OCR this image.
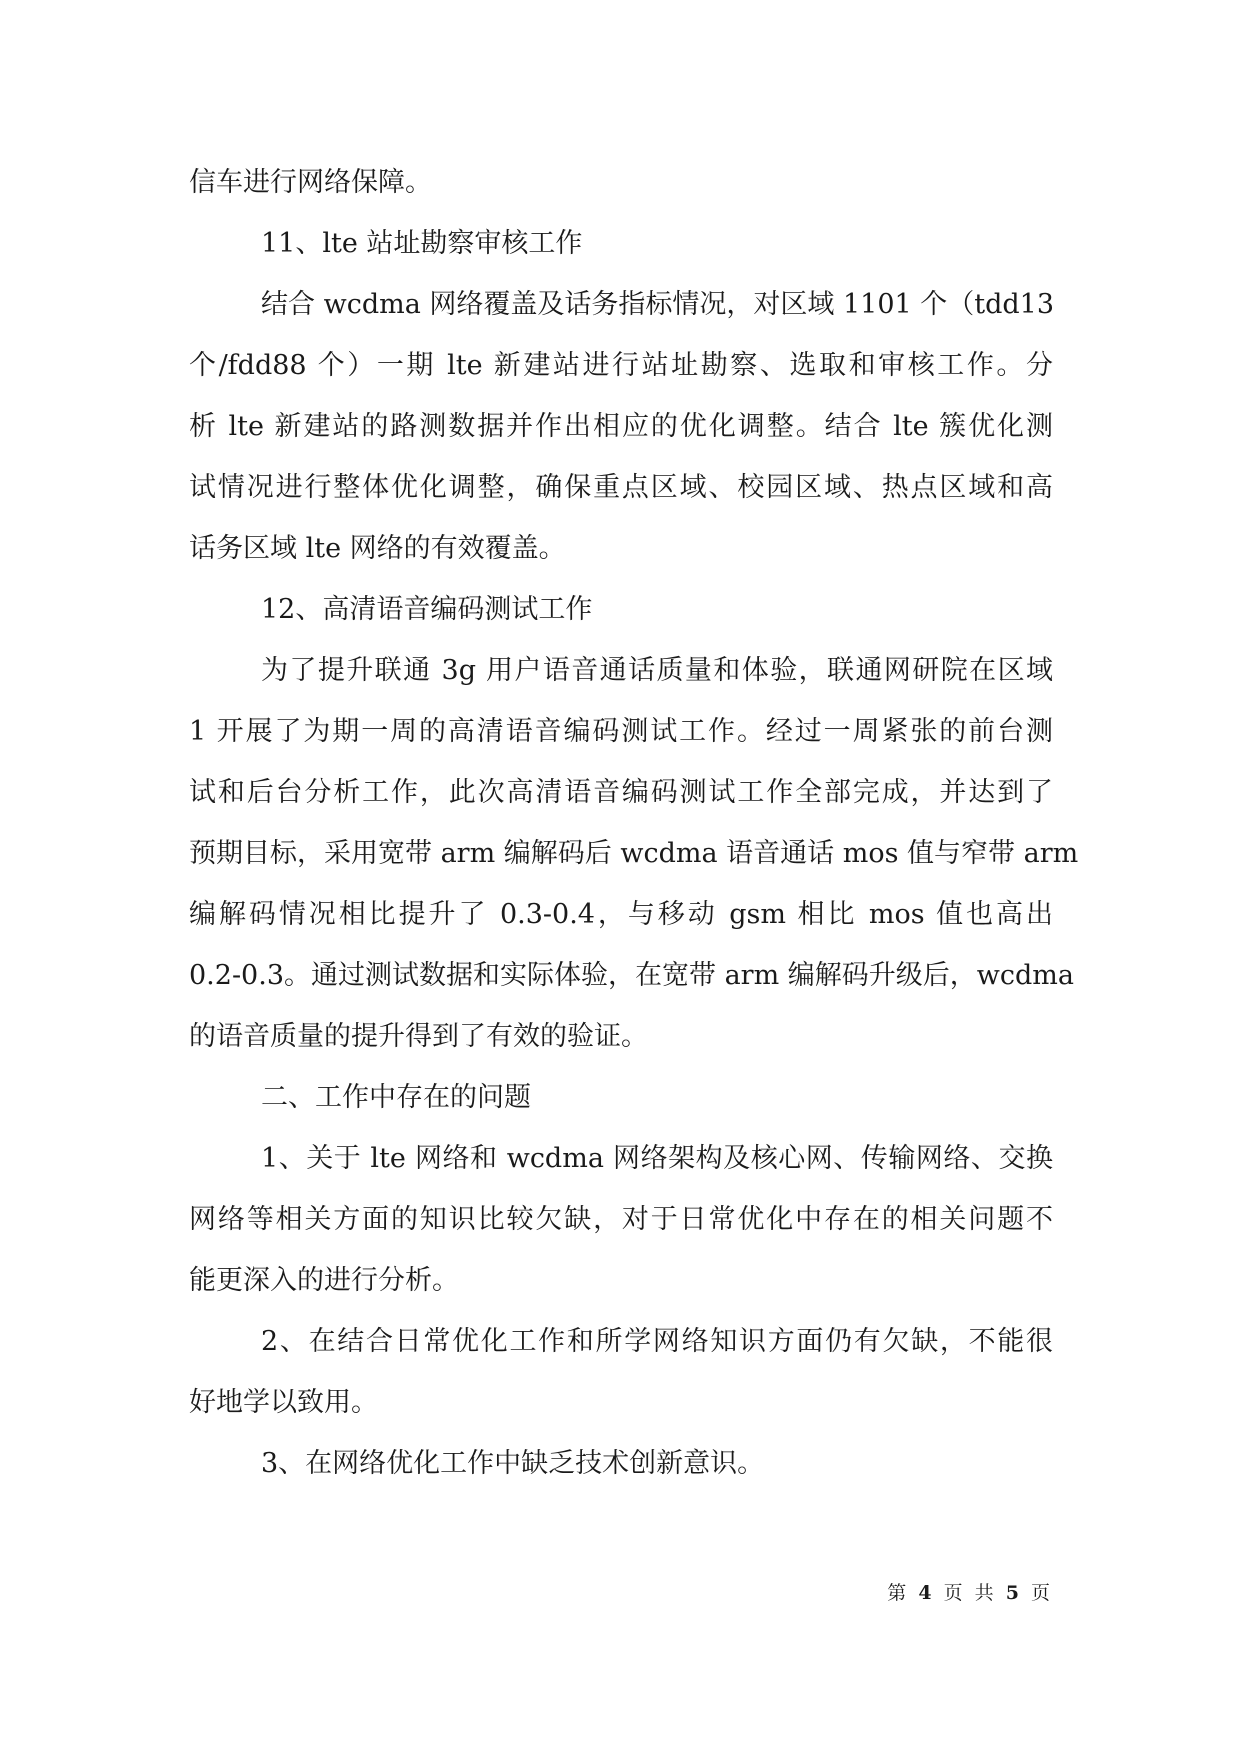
信车进行网络保障。
11、lte 站址勘察审核工作
结合 wcdma 网络覆盖及话务指标情况，对区域 1101 个（tdd13
个/fdd88 个）一期 lte 新建站进行站址勘察、选取和审核工作。分
析 lte 新建站的路测数据并作出相应的优化调整。结合 lte 簇优化测
试情况进行整体优化调整，确保重点区域、校园区域、热点区域和高
话务区域 lte 网络的有效覆盖。
12、高清语音编码测试工作
为了提升联通 3g 用户语音通话质量和体验，联通网研院在区域
1 开展了为期一周的高清语音编码测试工作。经过一周紧张的前台测
试和后台分析工作，此次高清语音编码测试工作全部完成，并达到了
预期目标，采用宽带 arm 编解码后 wcdma 语音通话 mos 值与窄带 arm
编解码情况相比提升了 0.3-0.4，与移动 gsm 相比 mos 值也高出
0.2-0.3。通过测试数据和实际体验，在宽带 arm 编解码升级后，wcdma
的语音质量的提升得到了有效的验证。
二、工作中存在的问题
1、关于 lte 网络和 wcdma 网络架构及核心网、传输网络、交换
网络等相关方面的知识比较欠缺，对于日常优化中存在的相关问题不
能更深入的进行分析。
2、在结合日常优化工作和所学网络知识方面仍有欠缺，不能很
好地学以致用。
3、在网络优化工作中缺乏技术创新意识。
第 4 页 共 5 页
